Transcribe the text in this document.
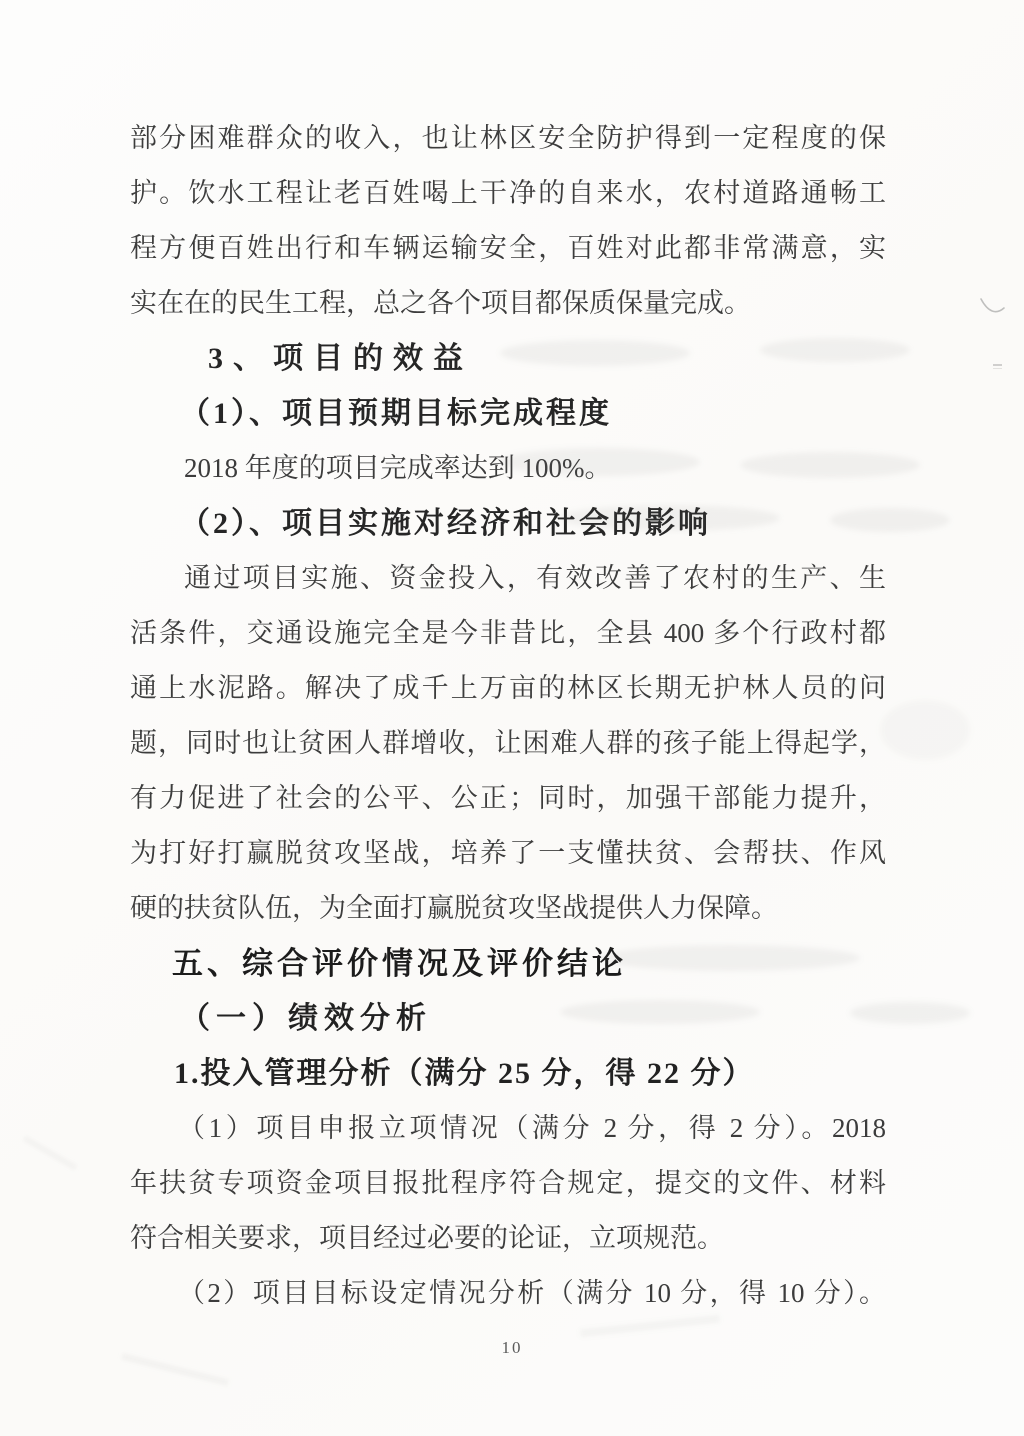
部分困难群众的收入，也让林区安全防护得到一定程度的保
护。饮水工程让老百姓喝上干净的自来水，农村道路通畅工
程方便百姓出行和车辆运输安全，百姓对此都非常满意，实
实在在的民生工程，总之各个项目都保质保量完成。
3、项目的效益
（1）、项目预期目标完成程度
2018 年度的项目完成率达到 100%。
（2）、项目实施对经济和社会的影响
通过项目实施、资金投入，有效改善了农村的生产、生
活条件，交通设施完全是今非昔比，全县 400 多个行政村都
通上水泥路。解决了成千上万亩的林区长期无护林人员的问
题，同时也让贫困人群增收，让困难人群的孩子能上得起学，
有力促进了社会的公平、公正；同时，加强干部能力提升，
为打好打赢脱贫攻坚战，培养了一支懂扶贫、会帮扶、作风
硬的扶贫队伍，为全面打赢脱贫攻坚战提供人力保障。
五、综合评价情况及评价结论
（一）绩效分析
1.投入管理分析（满分 25 分，得 22 分）
（1）项目申报立项情况（满分 2 分，得 2 分）。2018
年扶贫专项资金项目报批程序符合规定，提交的文件、材料
符合相关要求，项目经过必要的论证，立项规范。
（2）项目目标设定情况分析（满分 10 分，得 10 分）。
10
